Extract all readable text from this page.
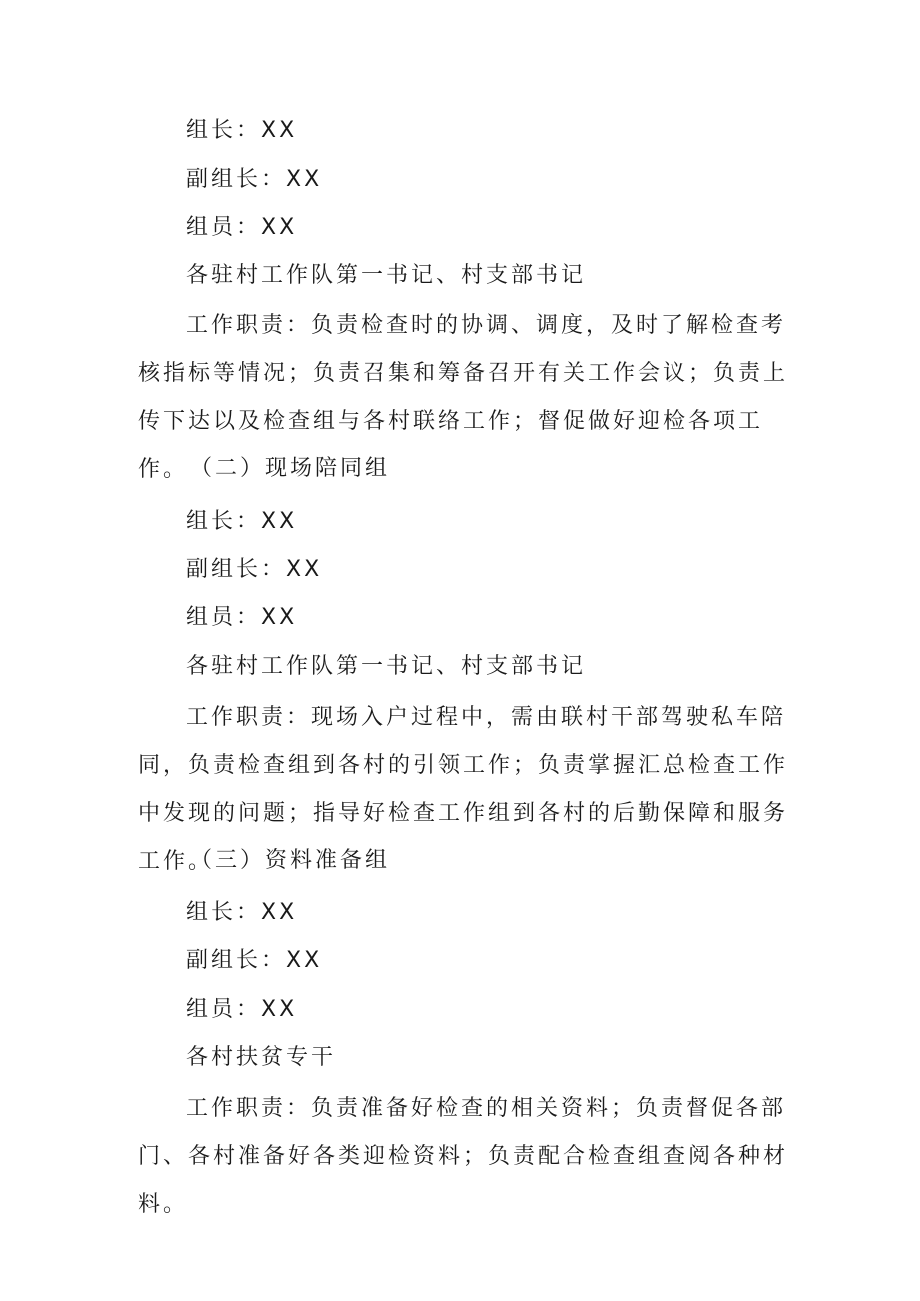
组长：XX

副组长：XX

组员：XX

各驻村工作队第一书记、村支部书记

工作职责：负责检查时的协调、调度，及时了解检查考核指标等情况；负责召集和筹备召开有关工作会议；负责上传下达以及检查组与各村联络工作；督促做好迎检各项工作。 （二）现场陪同组

组长：XX

副组长：XX

组员：XX

各驻村工作队第一书记、村支部书记

工作职责：现场入户过程中，需由联村干部驾驶私车陪同，负责检查组到各村的引领工作；负责掌握汇总检查工作中发现的问题；指导好检查工作组到各村的后勤保障和服务工作。

（三）资料准备组

组长：XX

副组长：XX

组员：XX

各村扶贫专干

工作职责：负责准备好检查的相关资料；负责督促各部门、各村准备好各类迎检资料；负责配合检查组查阅各种材料。
